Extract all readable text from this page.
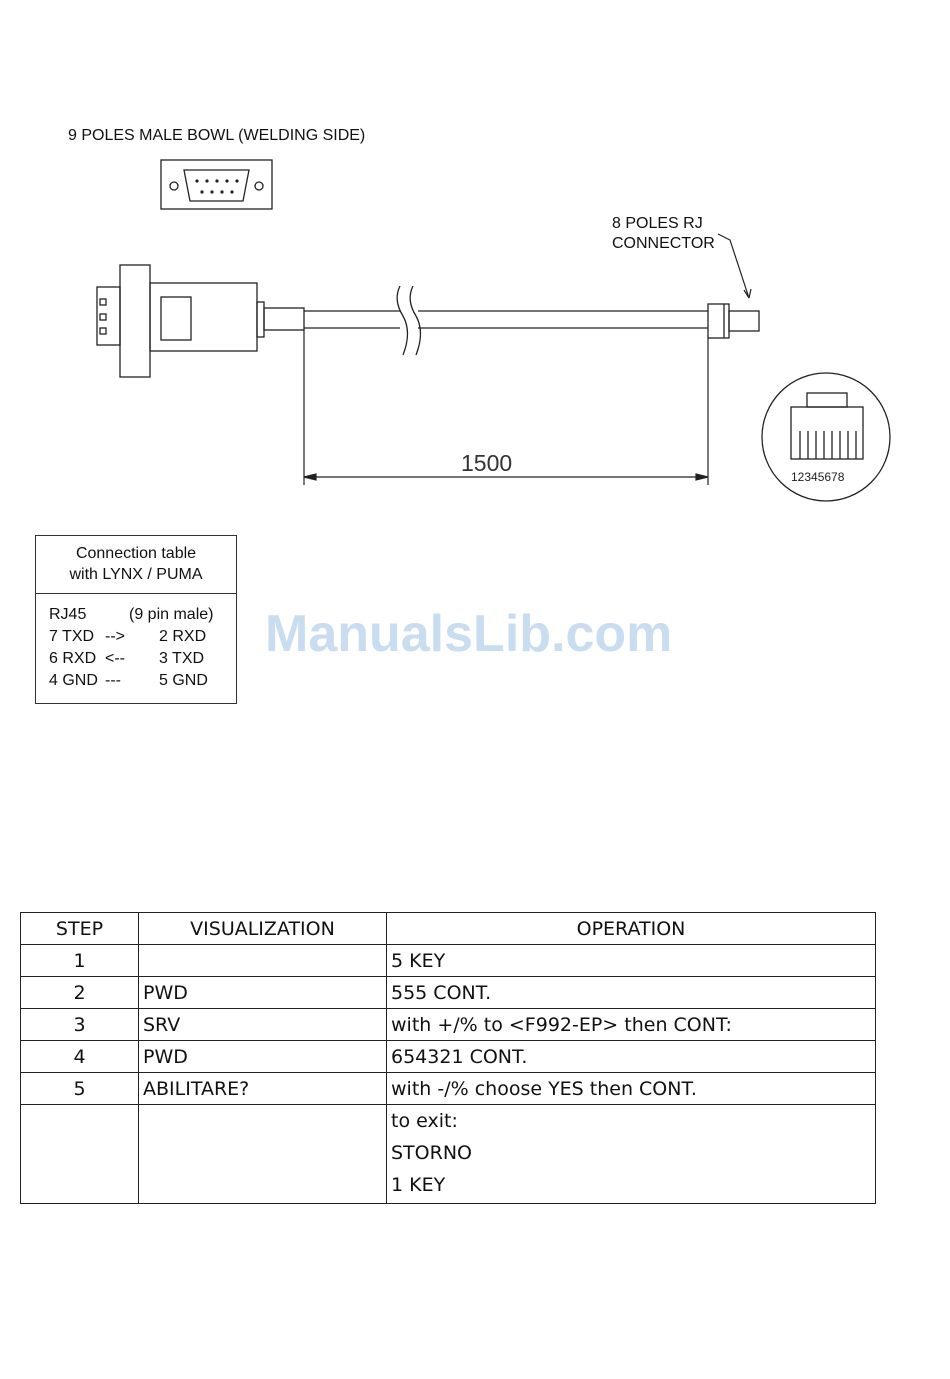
9 POLES MALE BOWL (WELDING SIDE)
8 POLES RJ
CONNECTOR
1500
12345678
Connection table
with LYNX / PUMA
RJ45	(9 pin male)
7 TXD --> 2 RXD
6 RXD <-- 3 TXD
4 GND --- 5 GND
ManualsLib.com
STEP	VISUALIZATION	OPERATION
1		5 KEY
2	PWD	555 CONT.
3	SRV	with +/% to <F992-EP> then CONT:
4	PWD	654321 CONT.
5	ABILITARE?	with -/% choose YES then CONT.

		to exit:
STORNO
1 KEY
